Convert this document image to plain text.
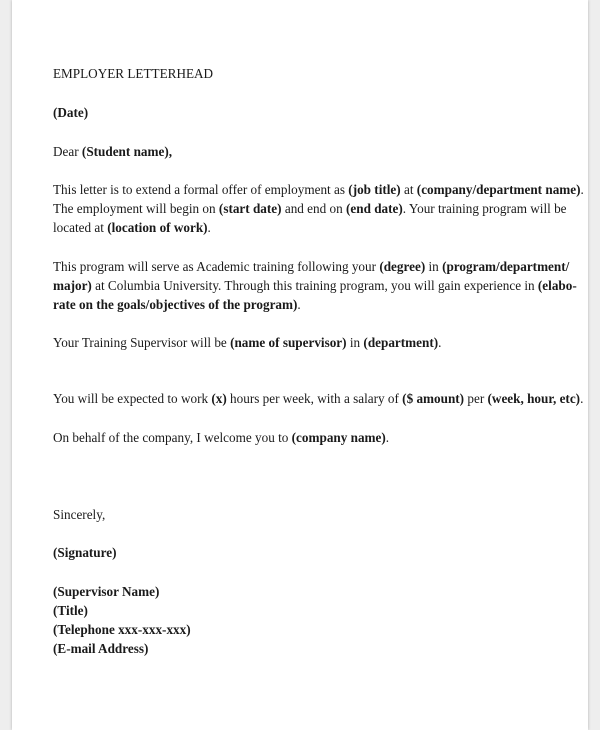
EMPLOYER LETTERHEAD
(Date)
Dear (Student name),
This letter is to extend a formal offer of employment as (job title) at (company/department name).
The employment will begin on (start date) and end on (end date). Your training program will be
located at (location of work).
This program will serve as Academic training following your (degree) in (program/department/
major) at Columbia University. Through this training program, you will gain experience in (elabo-
rate on the goals/objectives of the program).
Your Training Supervisor will be (name of supervisor) in (department).
You will be expected to work (x) hours per week, with a salary of ($ amount) per (week, hour, etc).
On behalf of the company, I welcome you to (company name).
Sincerely,
(Signature)
(Supervisor Name)
(Title)
(Telephone xxx-xxx-xxx)
(E-mail Address)
